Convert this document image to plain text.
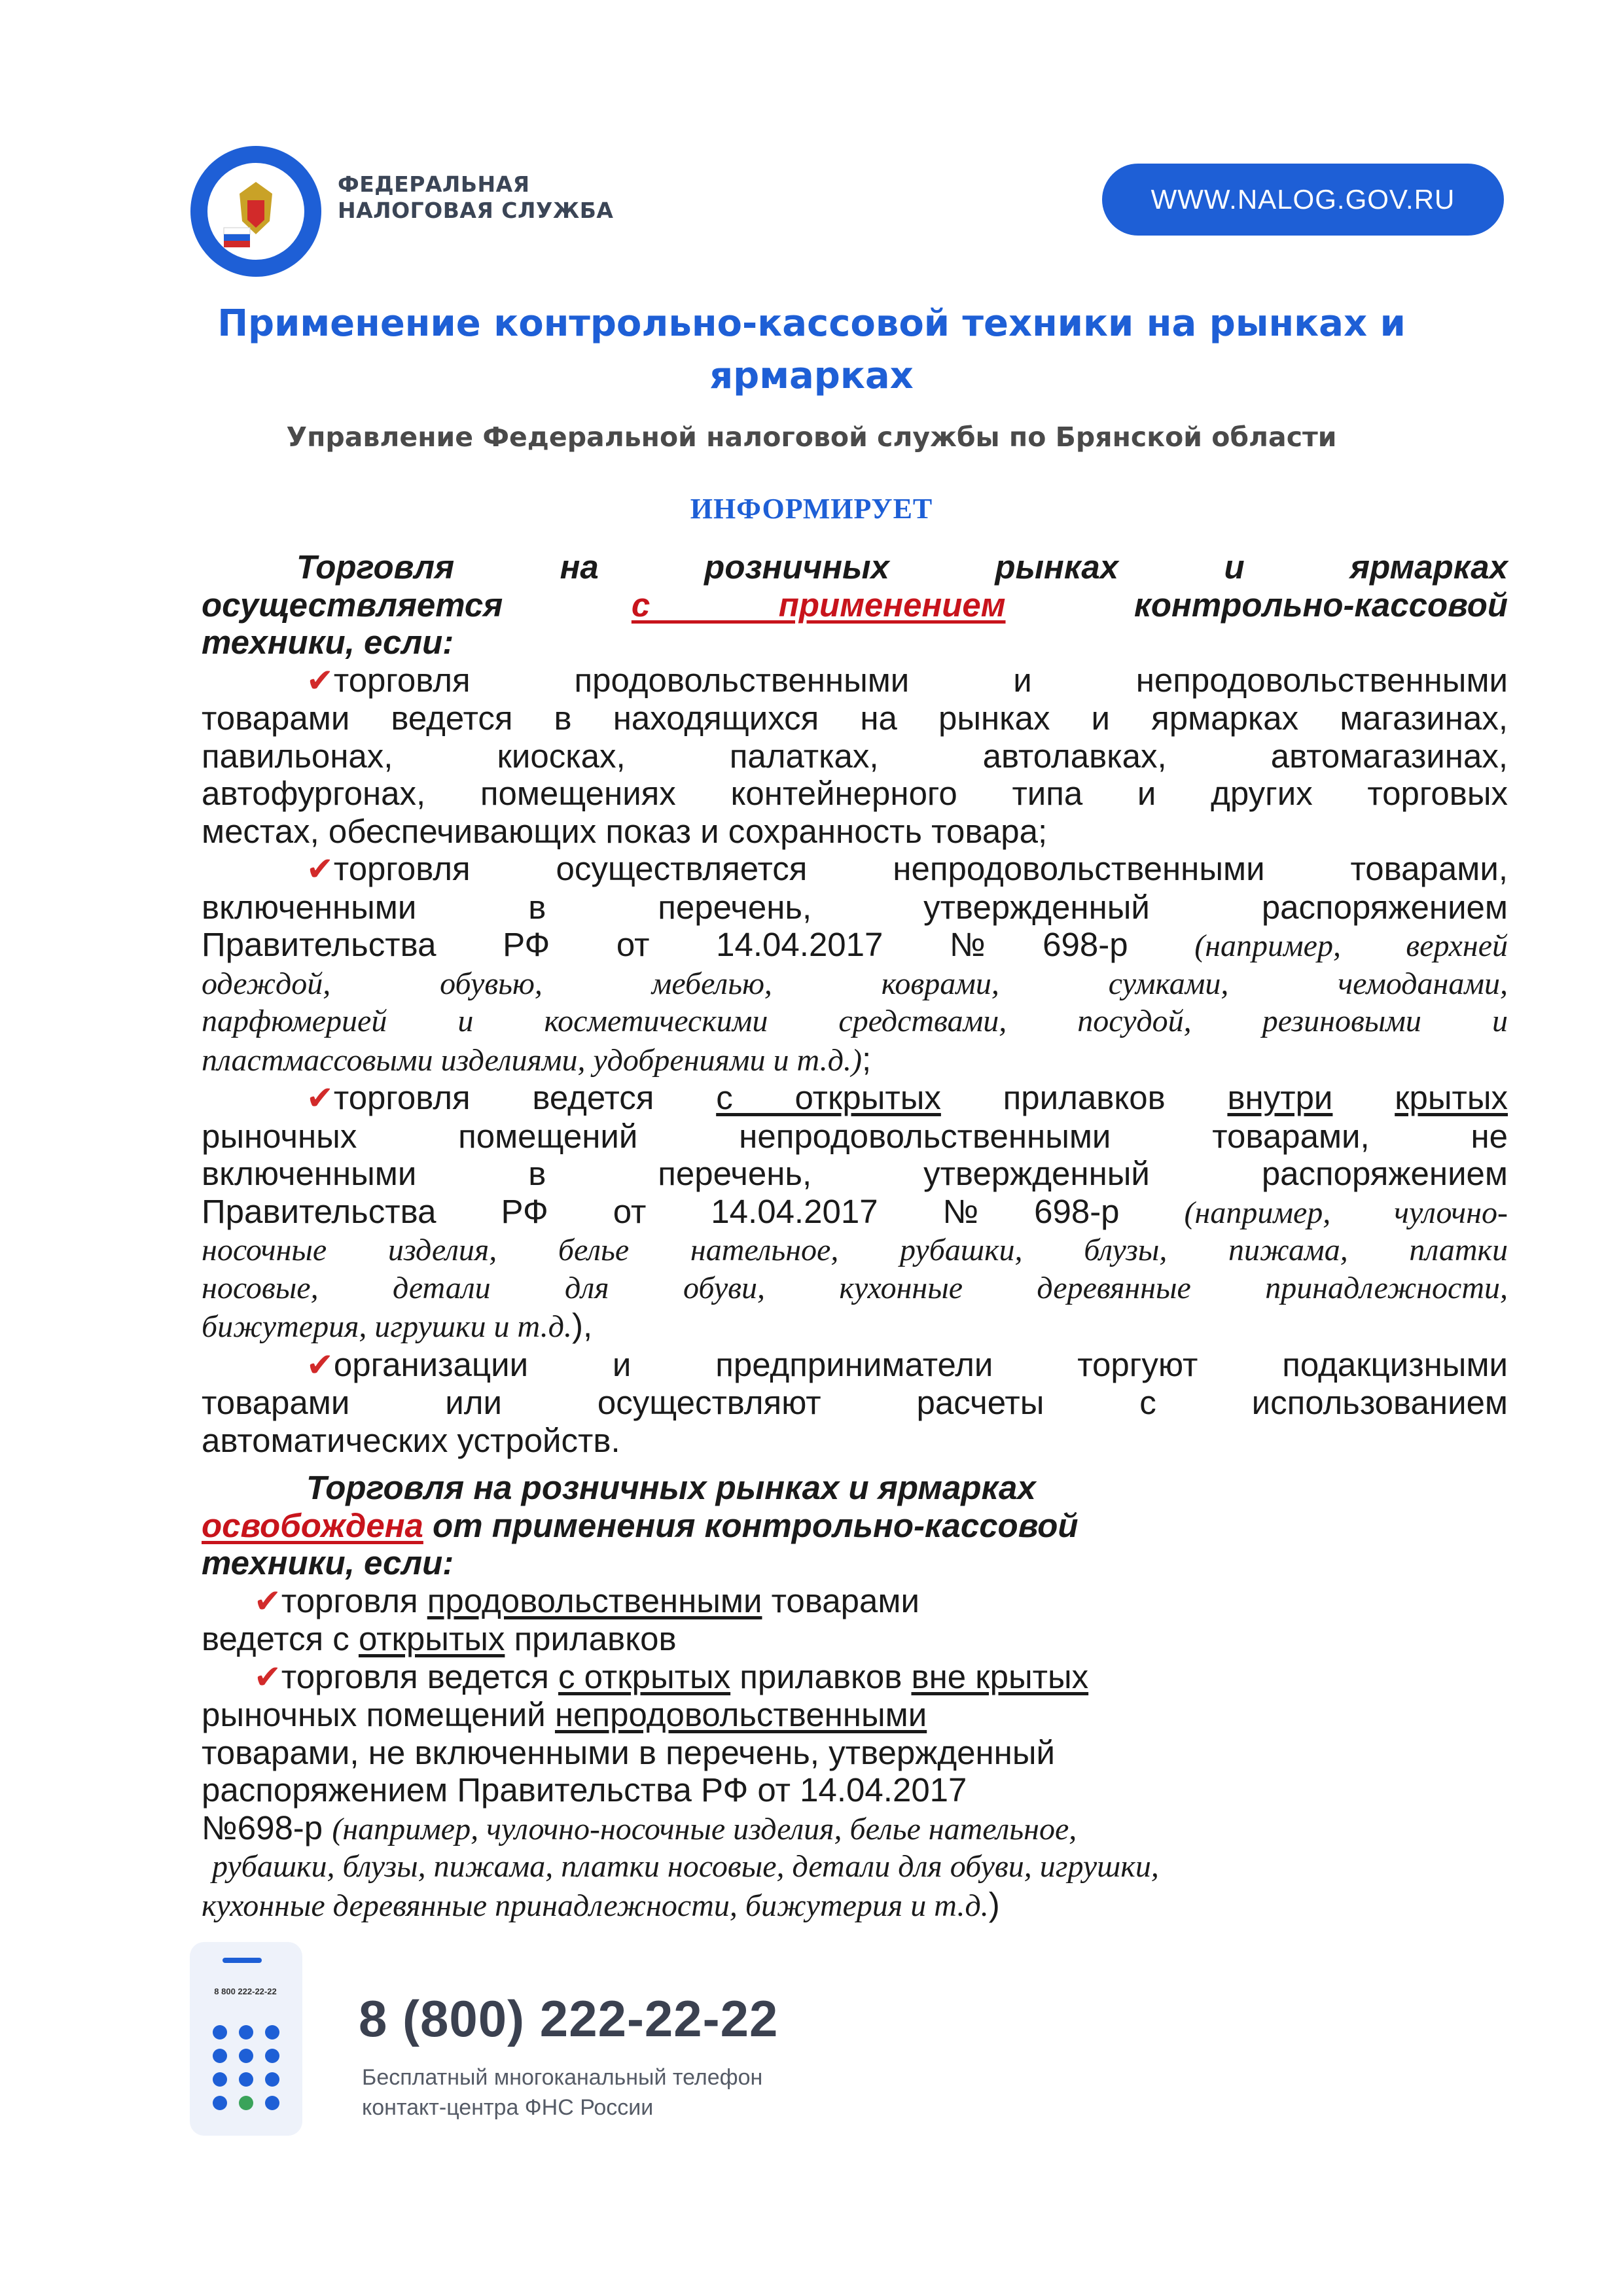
ФЕДЕРАЛЬНАЯ
НАЛОГОВАЯ СЛУЖБА	WWW.NALOG.GOV.RU
Применение контрольно-кассовой техники на рынках и
ярмарках
Управление Федеральной налоговой службы по Брянской области
ИНФОРМИРУЕТ

Торговля на розничных рынках и ярмарках

осуществляется	с применением	контрольно-кассовой

техники, если:

✔торговля продовольственными и непродовольственными

товарами ведется в находящихся на рынках и ярмарках магазинах,

павильонах, киосках, палатках, автолавках, автомагазинах,

автофургонах, помещениях контейнерного типа и других торговых

местах, обеспечивающих показ и сохранность товара;

✔торговля осуществляется непродовольственными товарами,

включенными в перечень, утвержденный распоряжением

Правительства РФ от 14.04.2017 №698-р (например, верхней

одеждой, обувью, мебелью, коврами, сумками, чемоданами,

парфюмерией и косметическими средствами, посудой, резиновыми и

пластмассовыми изделиями, удобрениями и т.д.);

✔торговля ведется с открытых прилавков внутри крытых

рыночных помещений непродовольственными товарами, не

включенными в перечень, утвержденный распоряжением

Правительства РФ от 14.04.2017 №698-р (например, чулочно-

носочные изделия, белье нательное, рубашки, блузы, пижама, платки

носовые, детали для обуви, кухонные деревянные принадлежности,

бижутерия, игрушки и т.д.),

✔организации и предприниматели торгуют подакцизными

товарами или осуществляют расчеты с использованием

автоматических устройств.

Торговля на розничных рынках и ярмарках

освобождена от применения контрольно-кассовой

техники, если:

✔торговля продовольственными товарами

ведется с открытых прилавков

✔торговля ведется с открытых прилавков вне крытых

рыночных помещений непродовольственными

товарами, не включенными в перечень, утвержденный

распоряжением Правительства РФ от 14.04.2017

№698-р (например, чулочно-носочные изделия, белье нательное,

рубашки, блузы, пижама, платки носовые, детали для обуви, игрушки,

кухонные деревянные принадлежности, бижутерия и т.д.)

8 800 222-22-22	8 (800) 222-22-22
Бесплатный многоканальный телефон
контакт-центра ФНС России
